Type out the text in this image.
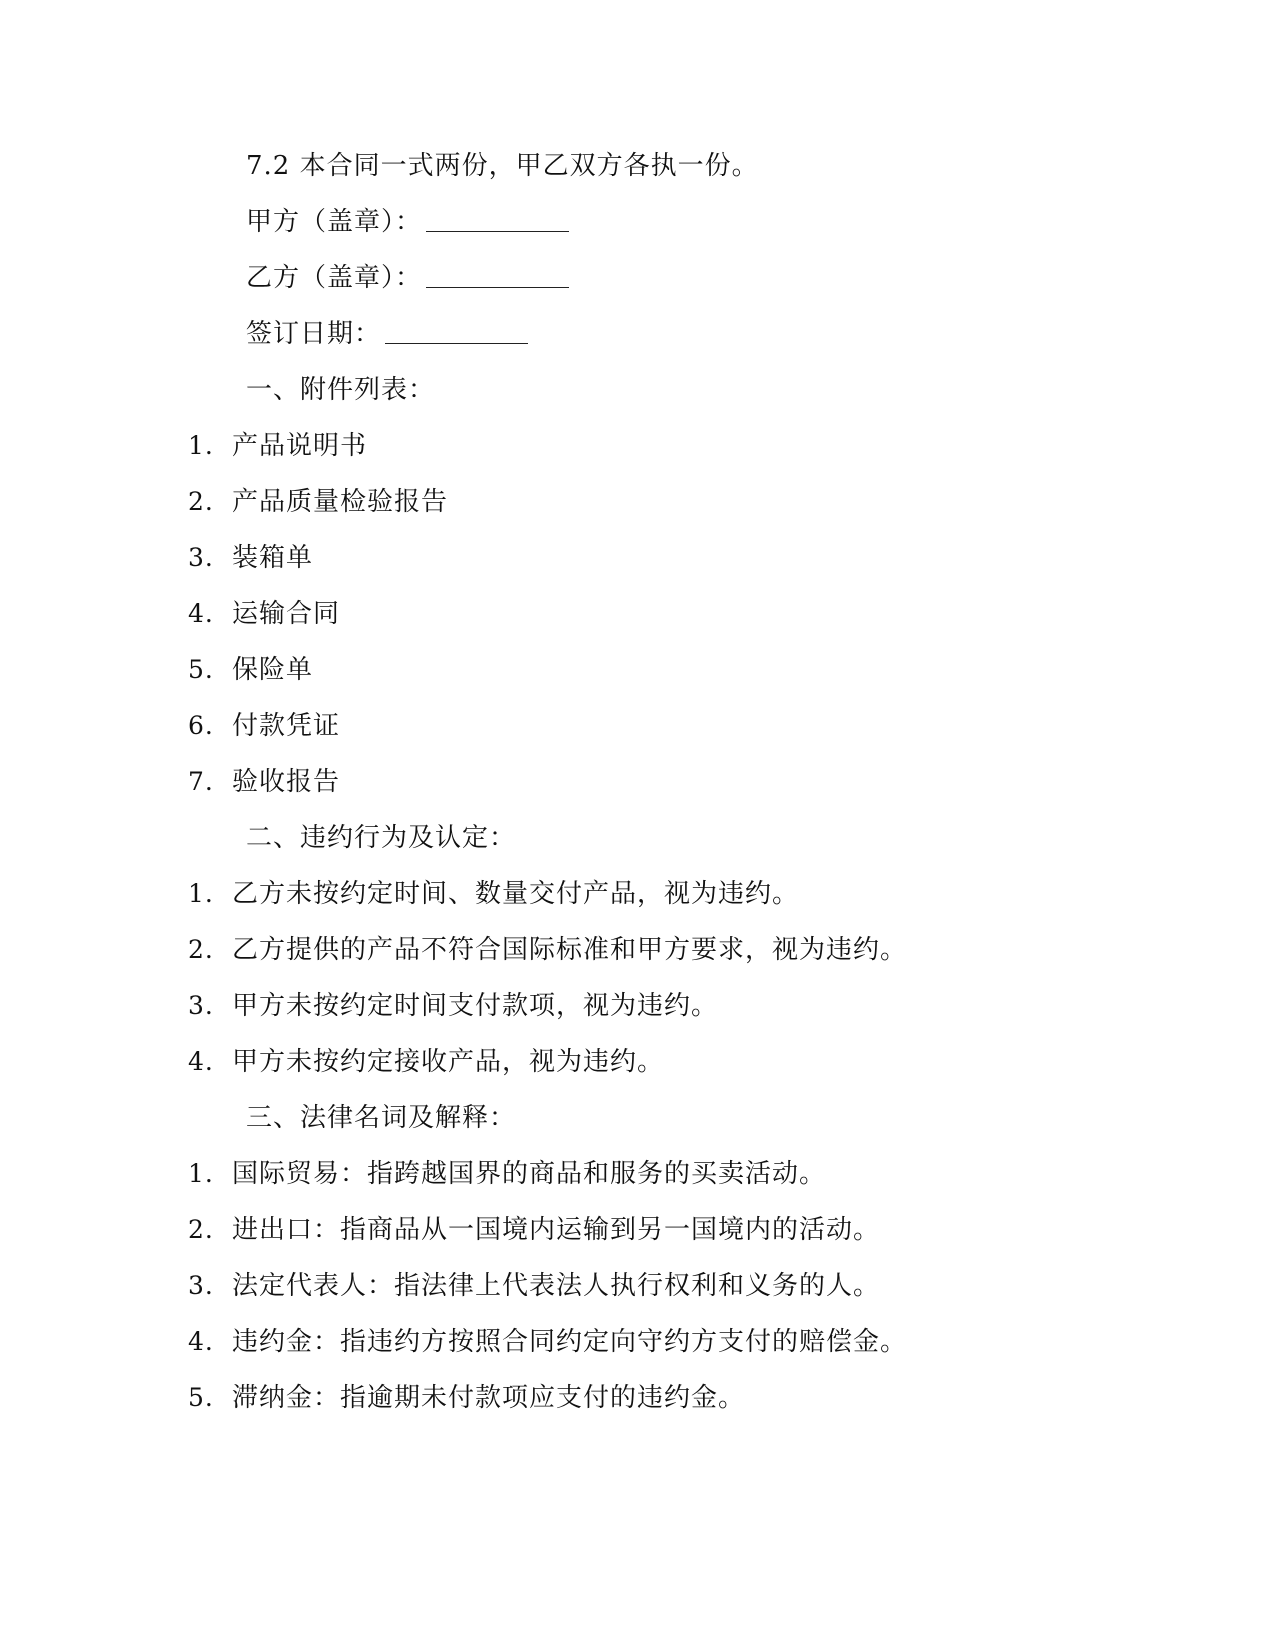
7.2 本合同一式两份，甲乙双方各执一份。
甲方（盖章）：
乙方（盖章）：
签订日期：
一、附件列表：
1. 产品说明书
2. 产品质量检验报告
3. 装箱单
4. 运输合同
5. 保险单
6. 付款凭证
7. 验收报告
二、违约行为及认定：
1. 乙方未按约定时间、数量交付产品，视为违约。
2. 乙方提供的产品不符合国际标准和甲方要求，视为违约。
3. 甲方未按约定时间支付款项，视为违约。
4. 甲方未按约定接收产品，视为违约。
三、法律名词及解释：
1. 国际贸易：指跨越国界的商品和服务的买卖活动。
2. 进出口：指商品从一国境内运输到另一国境内的活动。
3. 法定代表人：指法律上代表法人执行权利和义务的人。
4. 违约金：指违约方按照合同约定向守约方支付的赔偿金。
5. 滞纳金：指逾期未付款项应支付的违约金。
